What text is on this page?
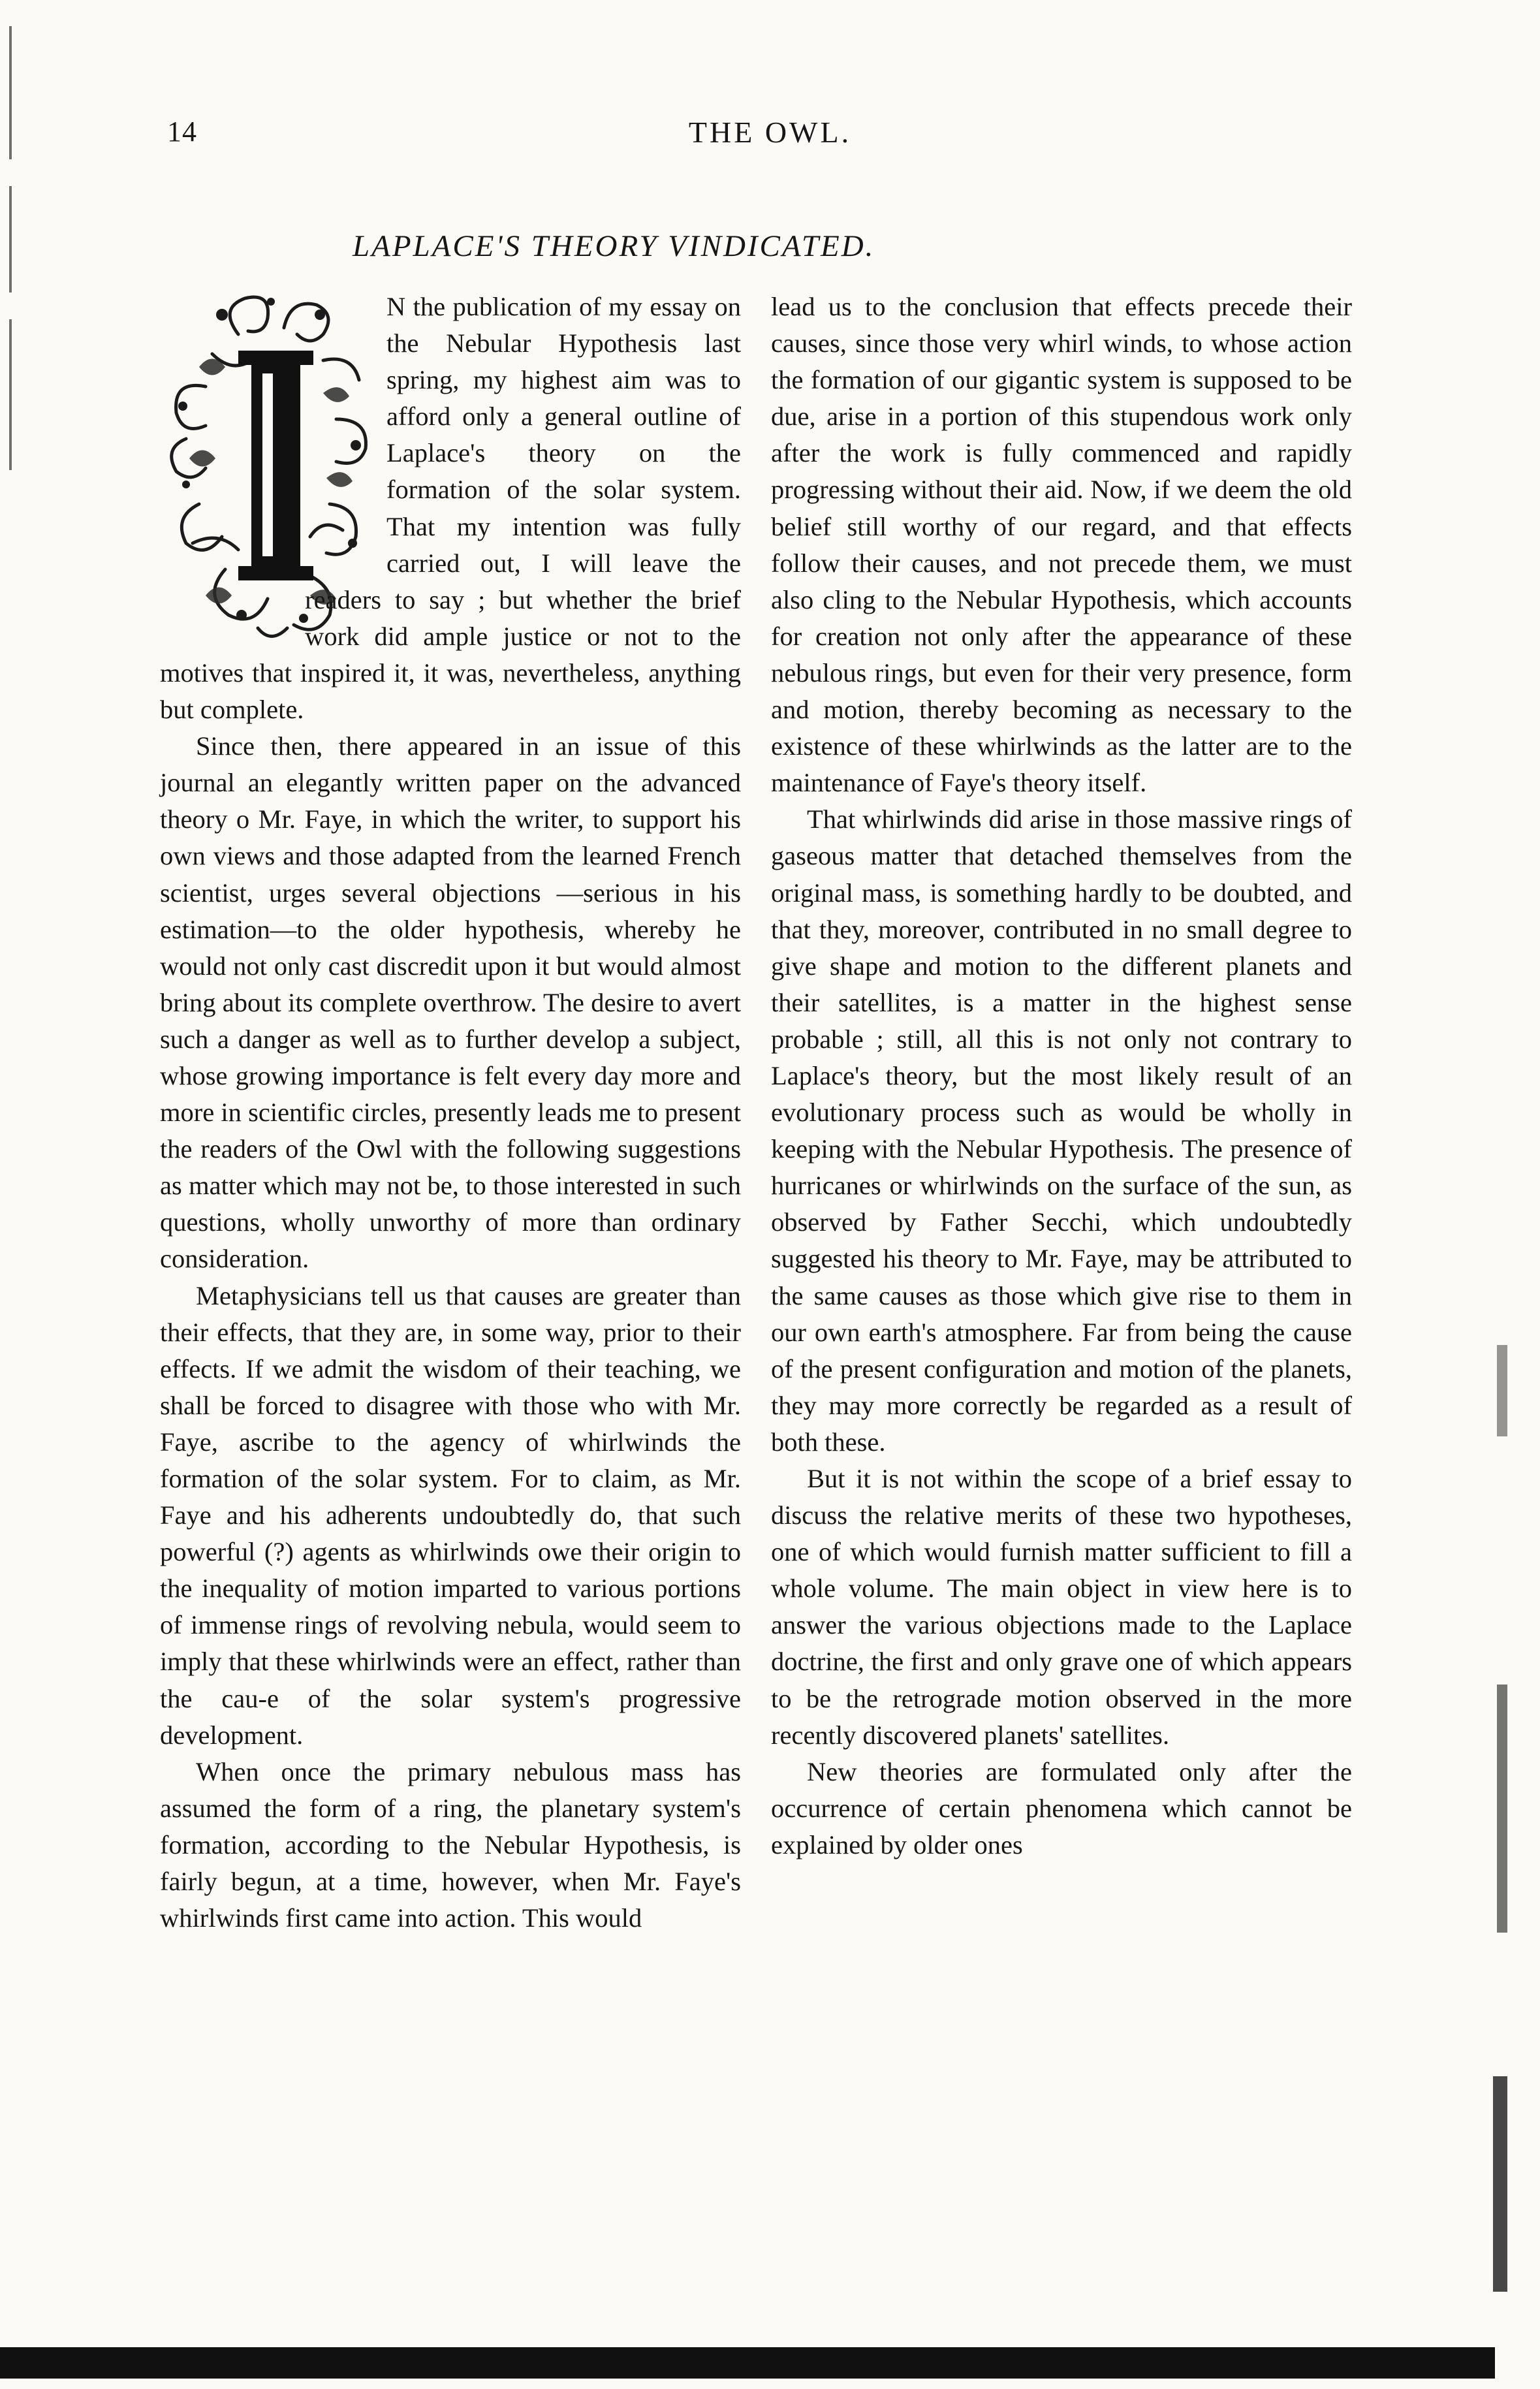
14	THE OWL.
LAPLACE'S THEORY VINDICATED.

N the publication of my essay on the Nebular Hypothesis last spring, my highest aim was to afford only a general outline of Laplace's theory on the formation of the solar system. That my intention was fully carried out, I will leave the readers to say ; but whether the brief work did ample justice or not to the motives that inspired it, it was, nevertheless, anything but complete.

Since then, there appeared in an issue of this journal an elegantly written paper on the advanced theory o Mr. Faye, in which the writer, to support his own views and those adapted from the learned French scientist, urges several objections —serious in his estimation—to the older hypothesis, whereby he would not only cast discredit upon it but would almost bring about its complete overthrow. The desire to avert such a danger as well as to further develop a subject, whose growing importance is felt every day more and more in scientific circles, presently leads me to present the readers of the Owl with the following suggestions as matter which may not be, to those interested in such questions, wholly unworthy of more than ordinary consideration.

Metaphysicians tell us that causes are greater than their effects, that they are, in some way, prior to their effects. If we admit the wisdom of their teaching, we shall be forced to disagree with those who with Mr. Faye, ascribe to the agency of whirlwinds the formation of the solar system. For to claim, as Mr. Faye and his adherents undoubtedly do, that such powerful (?) agents as whirlwinds owe their origin to the inequality of motion imparted to various portions of immense rings of revolving nebula, would seem to imply that these whirlwinds were an effect, rather than the cau-e of the solar system's progressive development.

When once the primary nebulous mass has assumed the form of a ring, the planetary system's formation, according to the Nebular Hypothesis, is fairly begun, at a time, however, when Mr. Faye's whirlwinds first came into action. This would

lead us to the conclusion that effects precede their causes, since those very whirl winds, to whose action the formation of our gigantic system is supposed to be due, arise in a portion of this stupendous work only after the work is fully commenced and rapidly progressing without their aid. Now, if we deem the old belief still worthy of our regard, and that effects follow their causes, and not precede them, we must also cling to the Nebular Hypothesis, which accounts for creation not only after the appearance of these nebulous rings, but even for their very presence, form and motion, thereby becoming as necessary to the existence of these whirlwinds as the latter are to the maintenance of Faye's theory itself.

That whirlwinds did arise in those massive rings of gaseous matter that detached themselves from the original mass, is something hardly to be doubted, and that they, moreover, contributed in no small degree to give shape and motion to the different planets and their satellites, is a matter in the highest sense probable ; still, all this is not only not contrary to Laplace's theory, but the most likely result of an evolutionary process such as would be wholly in keeping with the Nebular Hypothesis. The presence of hurricanes or whirlwinds on the surface of the sun, as observed by Father Secchi, which undoubtedly suggested his theory to Mr. Faye, may be attributed to the same causes as those which give rise to them in our own earth's atmosphere. Far from being the cause of the present configuration and motion of the planets, they may more correctly be regarded as a result of both these.

But it is not within the scope of a brief essay to discuss the relative merits of these two hypotheses, one of which would furnish matter sufficient to fill a whole volume. The main object in view here is to answer the various objections made to the Laplace doctrine, the first and only grave one of which appears to be the retrograde motion observed in the more recently discovered planets' satellites.

New theories are formulated only after the occurrence of certain phenomena which cannot be explained by older ones
